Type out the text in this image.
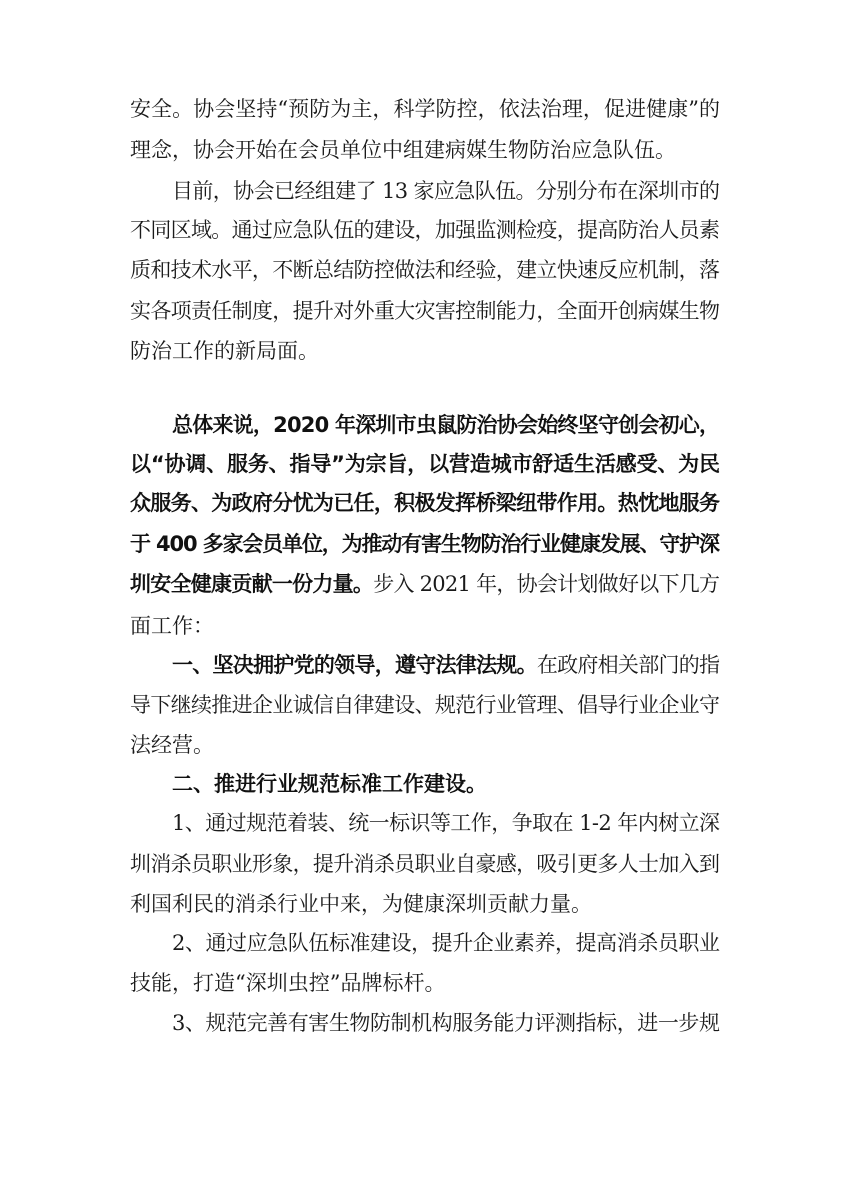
安全。协会坚持“预防为主，科学防控，依法治理，促进健康”的
理念，协会开始在会员单位中组建病媒生物防治应急队伍。
目前，协会已经组建了 13 家应急队伍。分别分布在深圳市的
不同区域。通过应急队伍的建设，加强监测检疫，提高防治人员素
质和技术水平，不断总结防控做法和经验，建立快速反应机制，落
实各项责任制度，提升对外重大灾害控制能力，全面开创病媒生物
防治工作的新局面。
总体来说，2020 年深圳市虫鼠防治协会始终坚守创会初心，
以“协调、服务、指导”为宗旨，以营造城市舒适生活感受、为民
众服务、为政府分忧为已任，积极发挥桥梁纽带作用。热忱地服务
于 400 多家会员单位，为推动有害生物防治行业健康发展、守护深
圳安全健康贡献一份力量。步入 2021 年，协会计划做好以下几方
面工作：
一、坚决拥护党的领导，遵守法律法规。在政府相关部门的指
导下继续推进企业诚信自律建设、规范行业管理、倡导行业企业守
法经营。
二、推进行业规范标准工作建设。
1、通过规范着装、统一标识等工作，争取在 1-2 年内树立深
圳消杀员职业形象，提升消杀员职业自豪感，吸引更多人士加入到
利国利民的消杀行业中来，为健康深圳贡献力量。
2、通过应急队伍标准建设，提升企业素养，提高消杀员职业
技能，打造“深圳虫控”品牌标杆。
3、规范完善有害生物防制机构服务能力评测指标，进一步规
